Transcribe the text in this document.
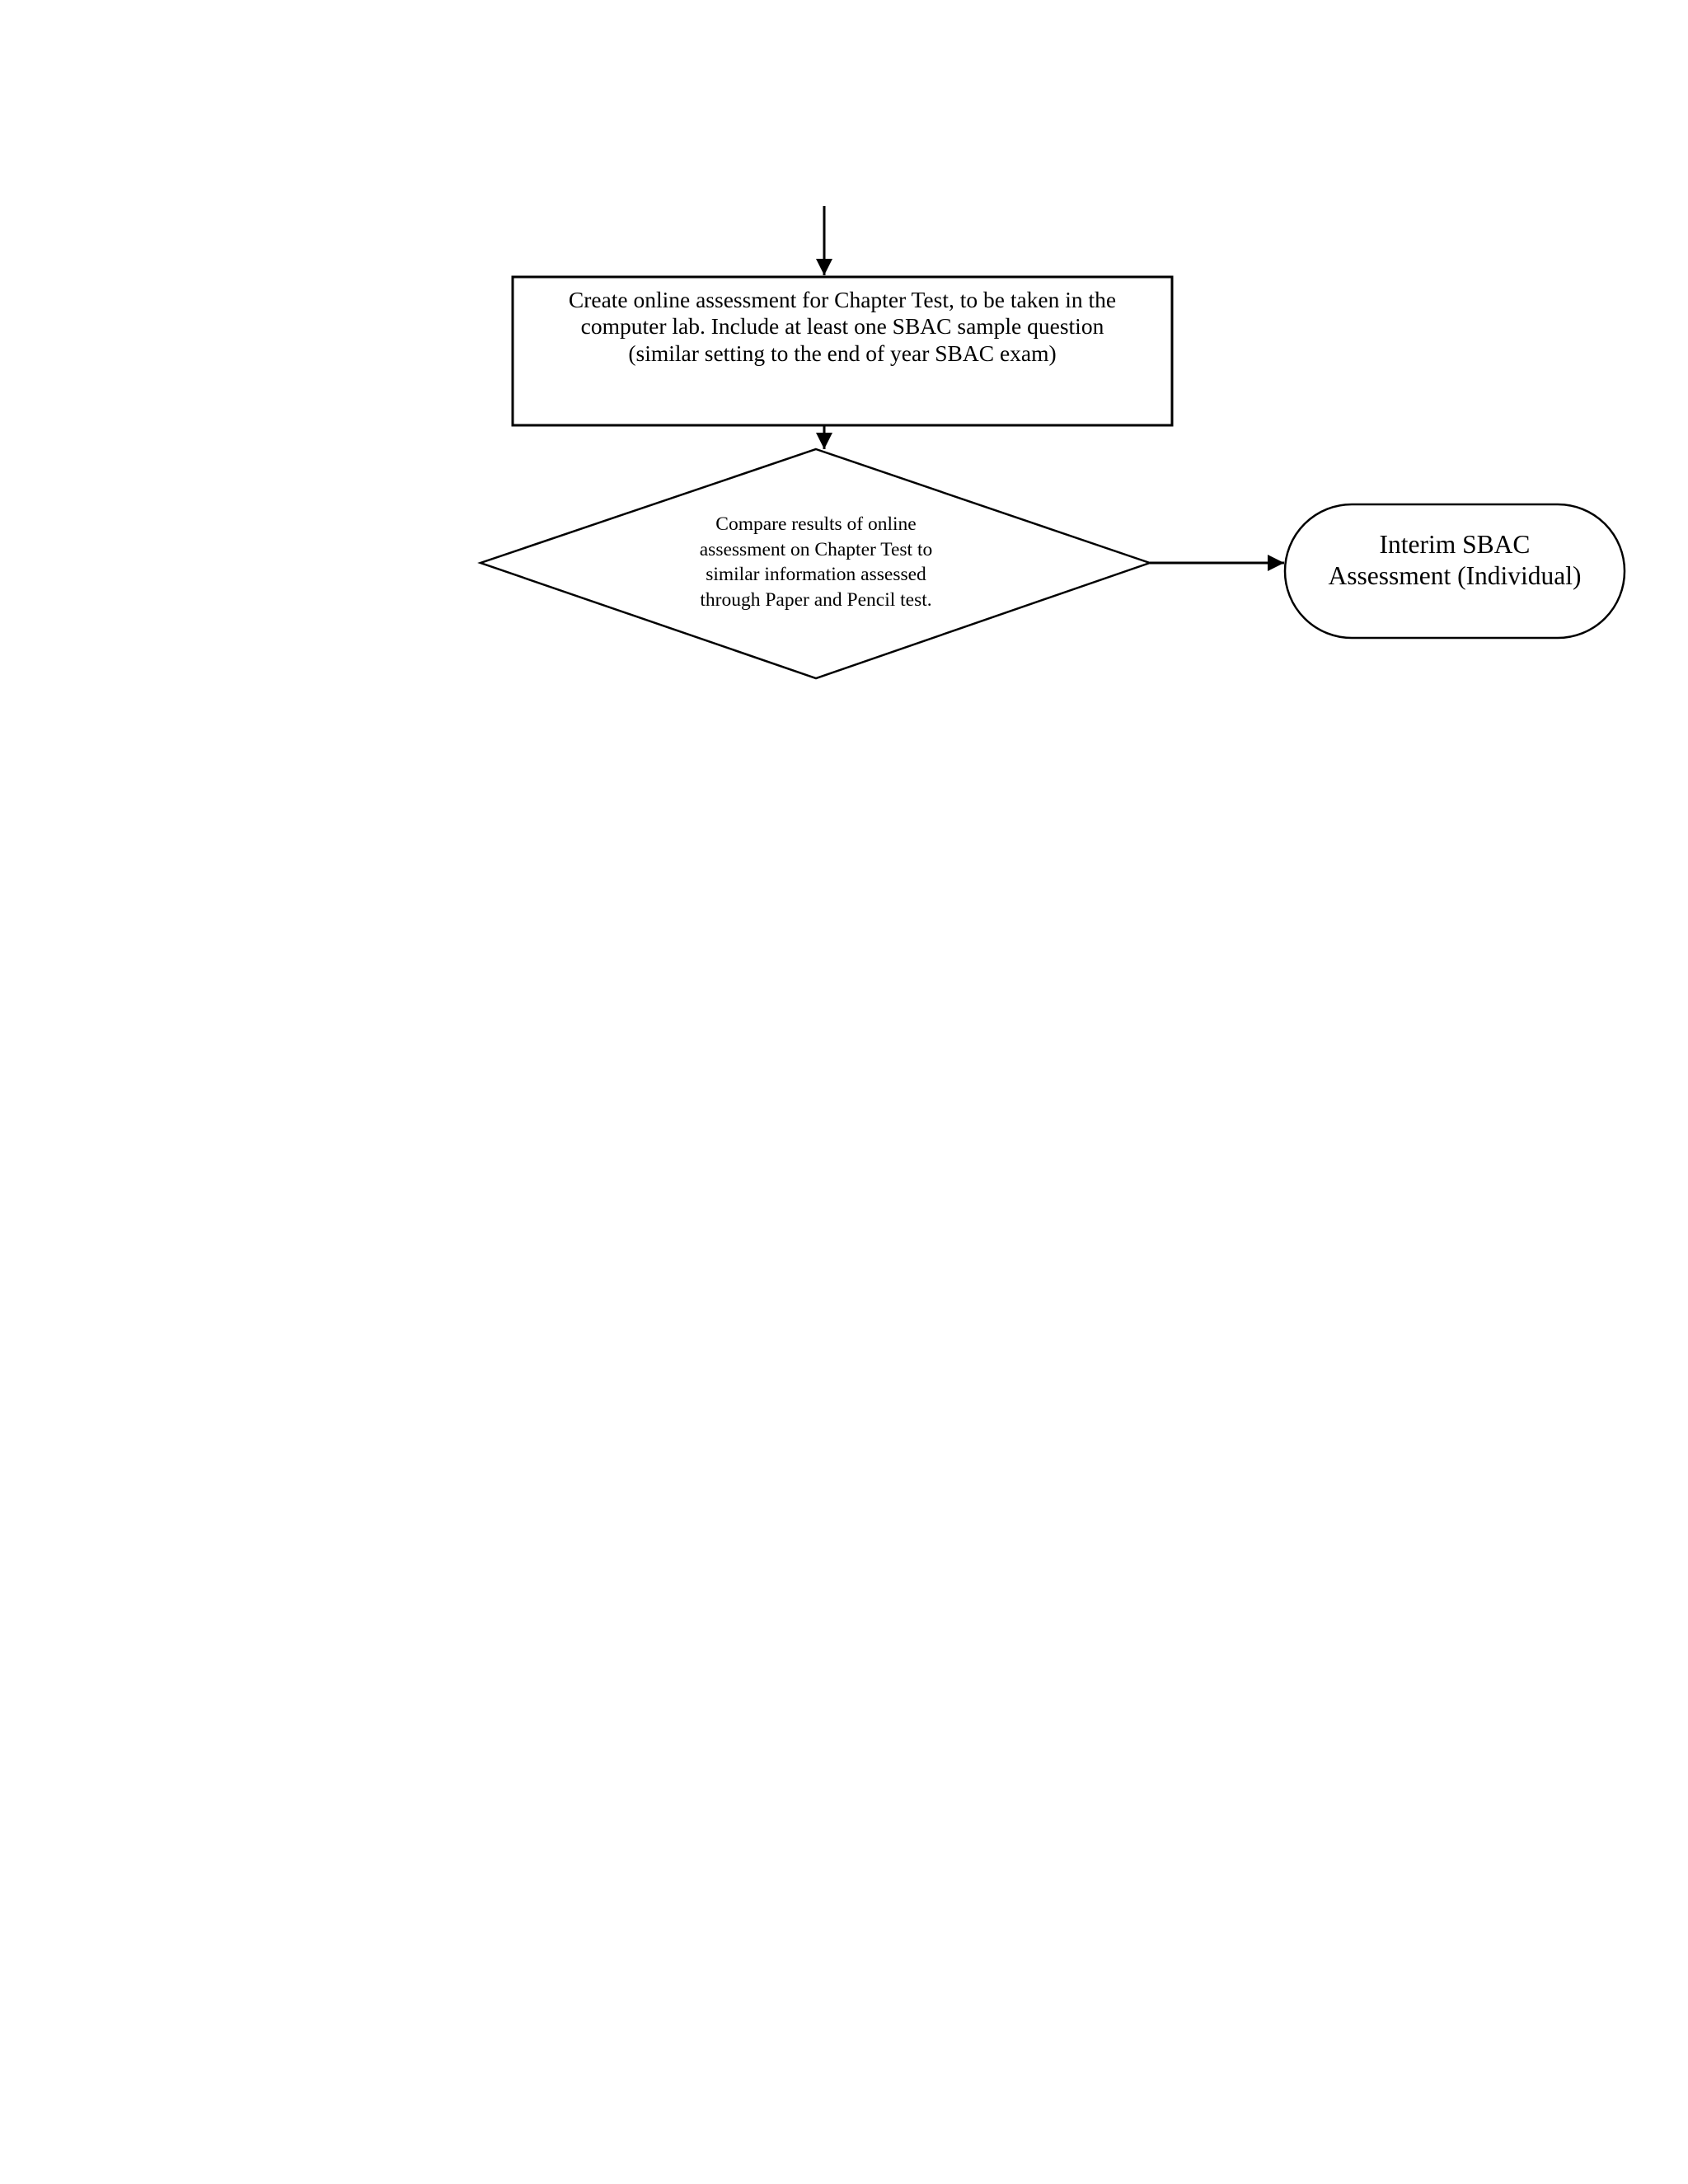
Create online assessment for Chapter Test, to be taken in the
computer lab. Include at least one SBAC sample question
(similar setting to the end of year SBAC exam)
Compare results of online
assessment on Chapter Test to
similar information assessed
through Paper and Pencil test.
Interim SBAC
Assessment (Individual)
